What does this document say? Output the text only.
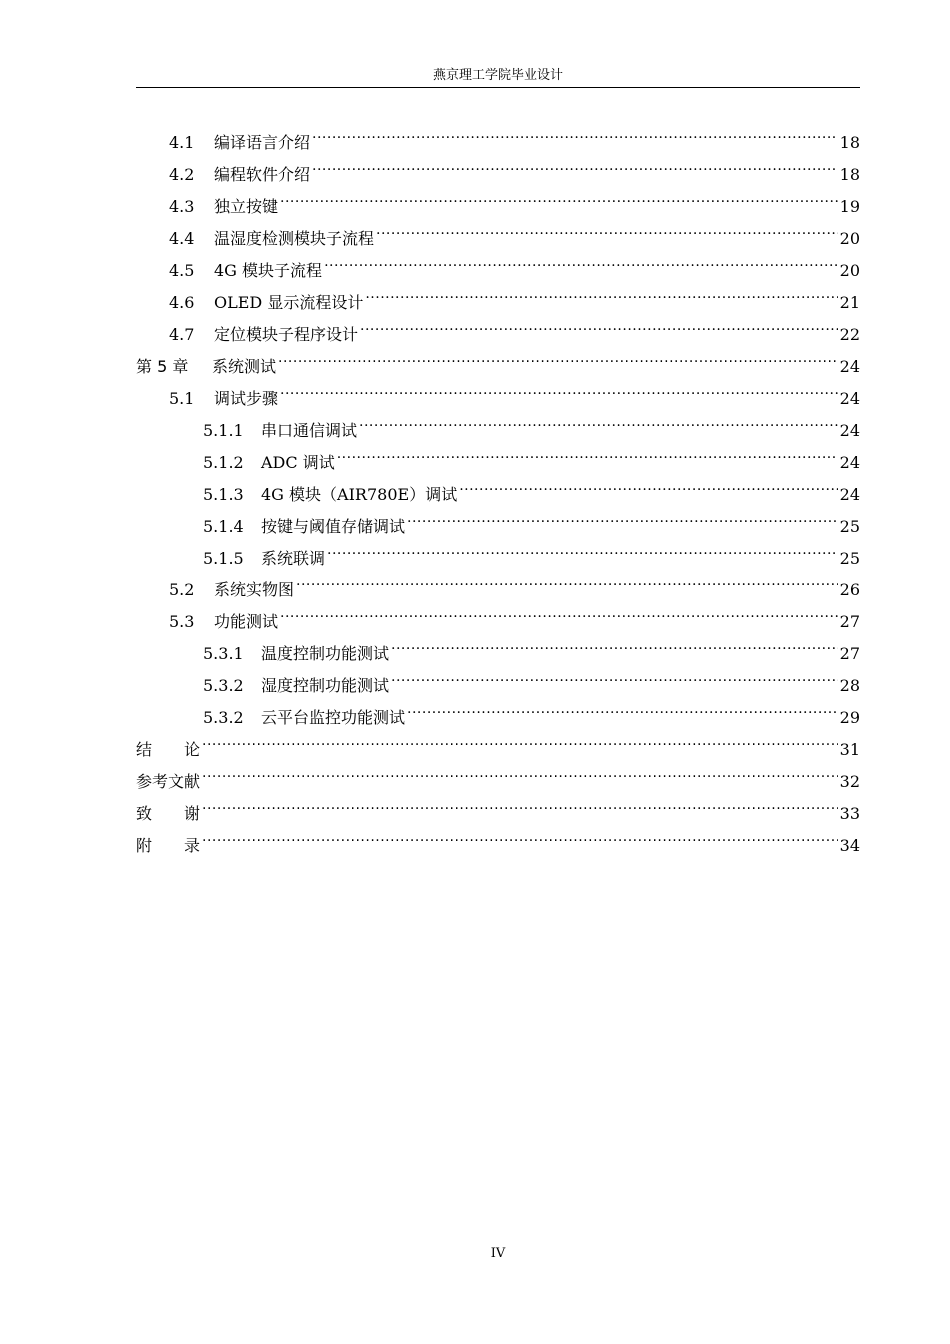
燕京理工学院毕业设计
4.1	编译语言介绍 .....	18
4.2	编程软件介绍 .....	18
4.3	独立按键 .....	19
4.4	温湿度检测模块子流程 .....	20
4.5	4G 模块子流程 .....	20
4.6	OLED 显示流程设计 .....	21
4.7	定位模块子程序设计 .....	22
第 5 章	系统测试 .....	24
5.1	调试步骤 .....	24
5.1.1	串口通信调试 .....	24
5.1.2	ADC 调试 .....	24
5.1.3	4G 模块（AIR780E）调试 .....	24
5.1.4	按键与阈值存储调试 .....	25
5.1.5	系统联调 .....	25
5.2	系统实物图 .....	26
5.3	功能测试 .....	27
5.3.1	温度控制功能测试 .....	27
5.3.2	湿度控制功能测试 .....	28
5.3.2	云平台监控功能测试 .....	29
结　　论 .....	31
参考文献 .....	32
致　　谢 .....	33
附　　录 .....	34
IV
